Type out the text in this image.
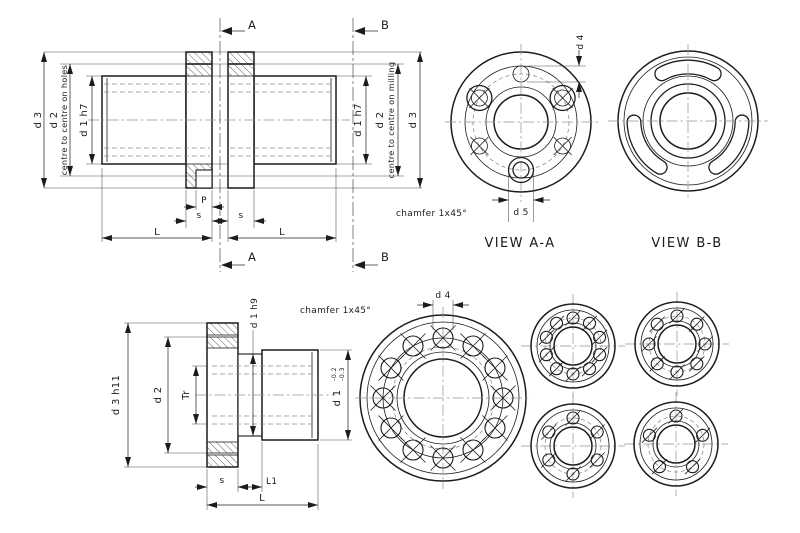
A
A
B
B
d 3 d 2 centre to centre on holes d 1 h7	d 1 h7 d 2 centre to centre on milling d 3
P
s	s
L	L
chamfer 1x45°
d 4
d 5
VIEW A-A	VIEW B-B
d 3 h11	d 2 Tr
d 1 h9
d 1
-0.2 -0.3
s	L1
L
chamfer 1x45°
d 4
